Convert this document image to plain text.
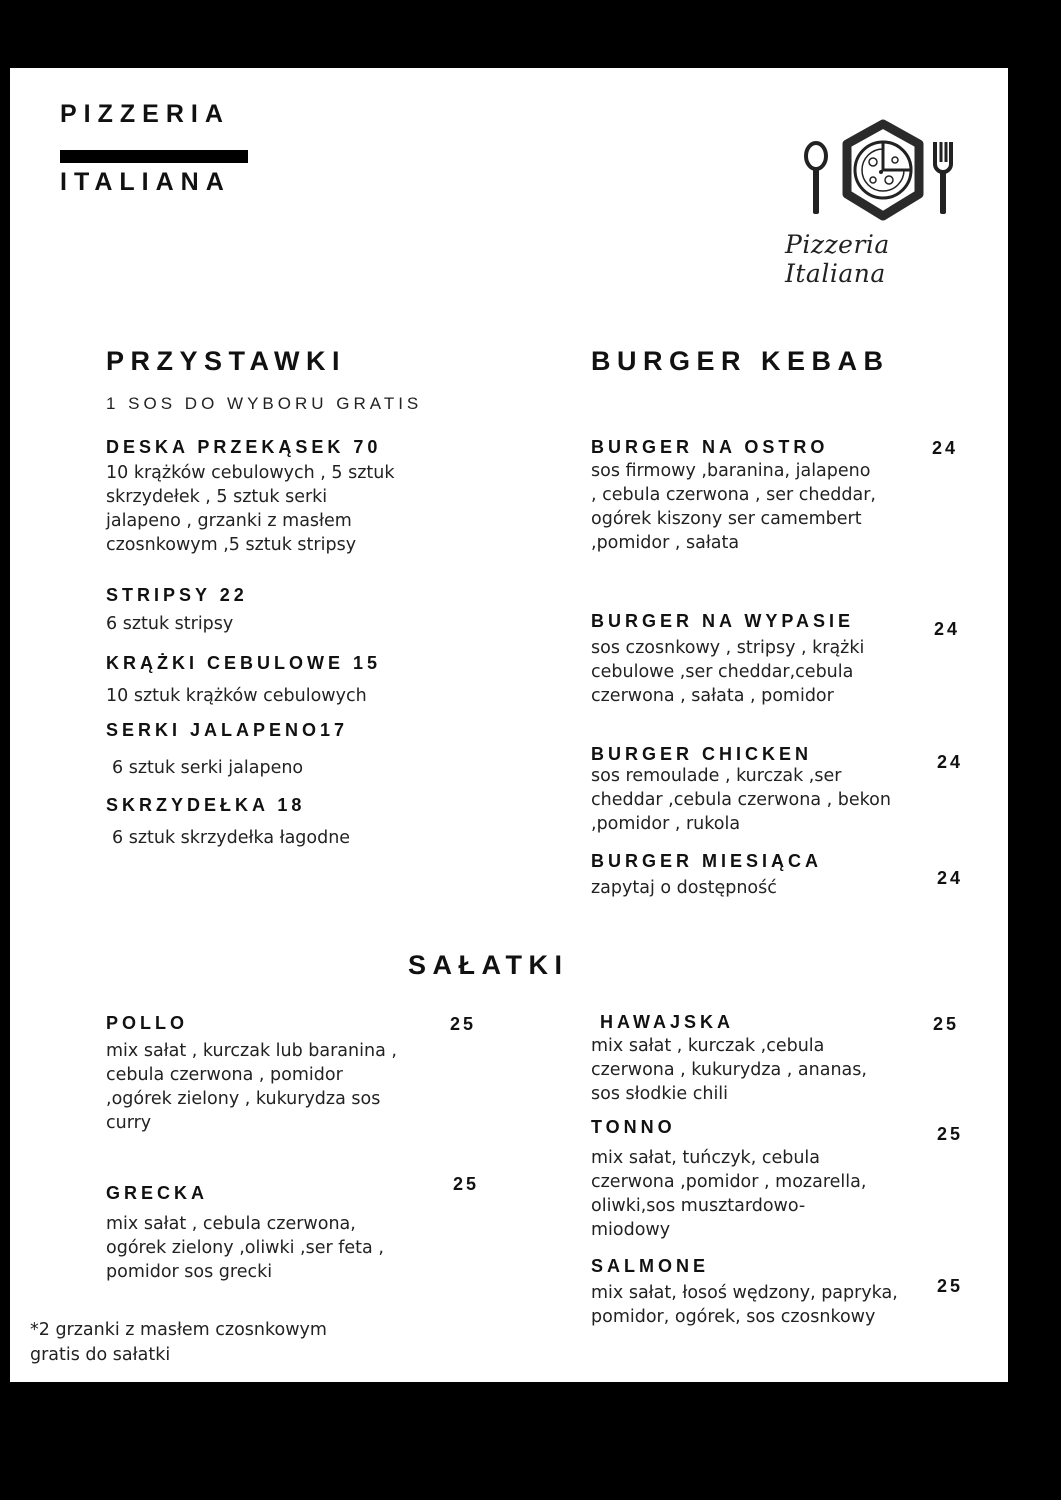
PIZZERIA
ITALIANA
Pizzeria Italiana
PRZYSTAWKI
1 SOS DO WYBORU GRATIS
DESKA PRZEKĄSEK 70
10 krążków cebulowych , 5 sztuk skrzydełek , 5 sztuk serki jalapeno , grzanki z masłem czosnkowym ,5 sztuk stripsy
STRIPSY 22
6 sztuk stripsy
KRĄŻKI CEBULOWE 15
10 sztuk krążków cebulowych
SERKI JALAPENO17
6 sztuk serki jalapeno
SKRZYDEŁKA 18
6 sztuk skrzydełka łagodne
BURGER KEBAB
BURGER NA OSTRO	24
sos firmowy ,baranina, jalapeno , cebula czerwona , ser cheddar, ogórek kiszony ser camembert ,pomidor , sałata
BURGER NA WYPASIE	24
sos czosnkowy , stripsy , krążki cebulowe ,ser cheddar,cebula czerwona , sałata , pomidor
BURGER CHICKEN	24
sos remoulade , kurczak ,ser cheddar ,cebula czerwona , bekon ,pomidor , rukola
BURGER MIESIĄCA
24
zapytaj o dostępność
SAŁATKI
POLLO	25
mix sałat , kurczak lub baranina , cebula czerwona , pomidor ,ogórek zielony , kukurydza sos curry
GRECKA	25
mix sałat , cebula czerwona, ogórek zielony ,oliwki ,ser feta , pomidor sos grecki
HAWAJSKA	25
mix sałat , kurczak ,cebula czerwona , kukurydza , ananas, sos słodkie chili
TONNO	25
mix sałat, tuńczyk, cebula czerwona ,pomidor , mozarella, oliwki,sos musztardowo-miodowy
SALMONE
25
mix sałat, łosoś wędzony, papryka, pomidor, ogórek, sos czosnkowy
*2 grzanki z masłem czosnkowym gratis do sałatki
